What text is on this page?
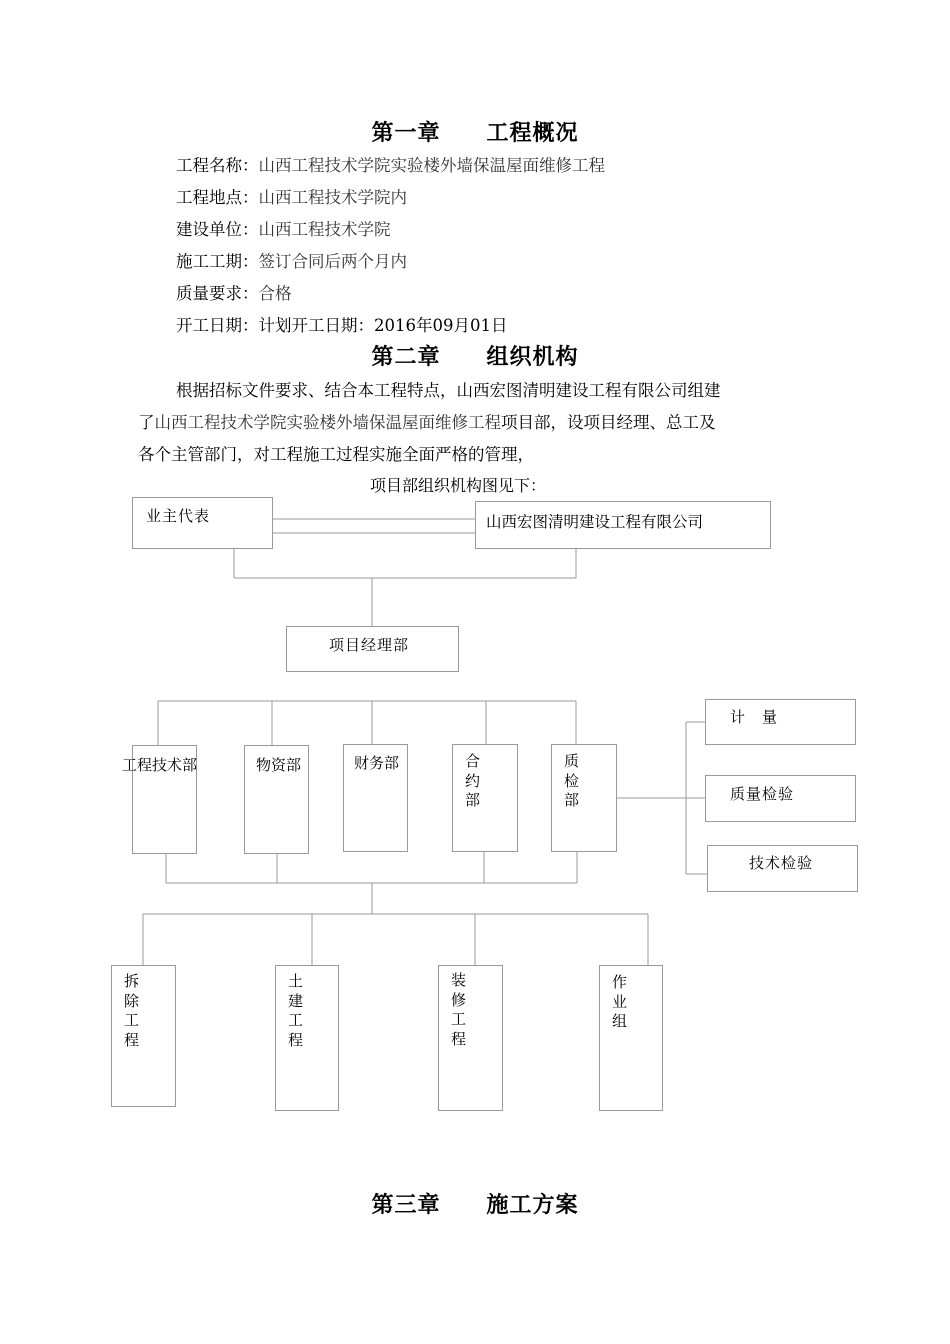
第一章　　工程概况
工程名称：山西工程技术学院实验楼外墙保温屋面维修工程
工程地点：山西工程技术学院内
建设单位：山西工程技术学院
施工工期：签订合同后两个月内
质量要求：合格
开工日期：计划开工日期：2016年09月01日
第二章　　组织机构
根据招标文件要求、结合本工程特点，山西宏图清明建设工程有限公司组建
了山西工程技术学院实验楼外墙保温屋面维修工程项目部，设项目经理、总工及
各个主管部门，对工程施工过程实施全面严格的管理，
项目部组织机构图见下：
业主代表	山西宏图清明建设工程有限公司
项目经理部
工程技术部	物资部	财务部	合约部
质检部
计　量
质量检验
技术检验
拆除工程
土建工程
装修工程
作业组
第三章　　施工方案
